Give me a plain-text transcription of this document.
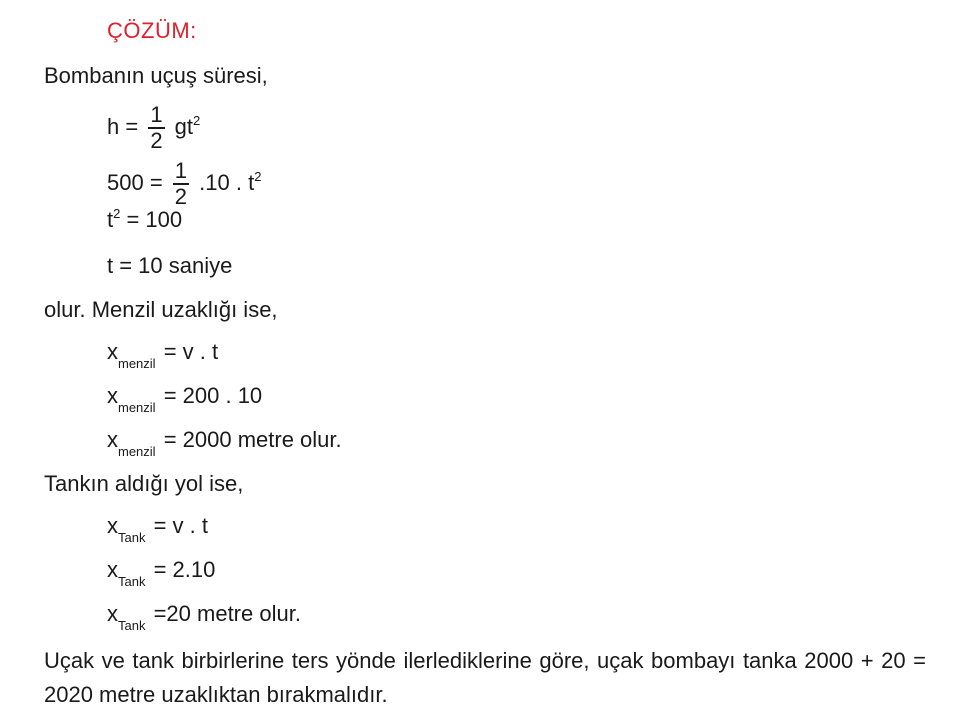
ÇÖZÜM:
Bombanın uçuş süresi,
$h = \frac{1}{2} gt^2$
$500 = \frac{1}{2} .10$ . $t^2$
$t^2 = 100$
t = 10 saniye
olur. Menzil uzaklığı ise,
$x_{menzil} = v$ . t
$x_{menzil} = 200$ . 10
$x_{menzil} = 2000$ metre olur.
Tankın aldığı yol ise,
$x_{Tank} = v$ . t
$x_{Tank} = 2.10$
$x_{Tank} =20$ metre olur.
Uçak ve tank birbirlerine ters yönde ilerlediklerine göre, uçak bombayı tanka 2000 + 20 = 2020 metre uzaklıktan bırakmalıdır.
